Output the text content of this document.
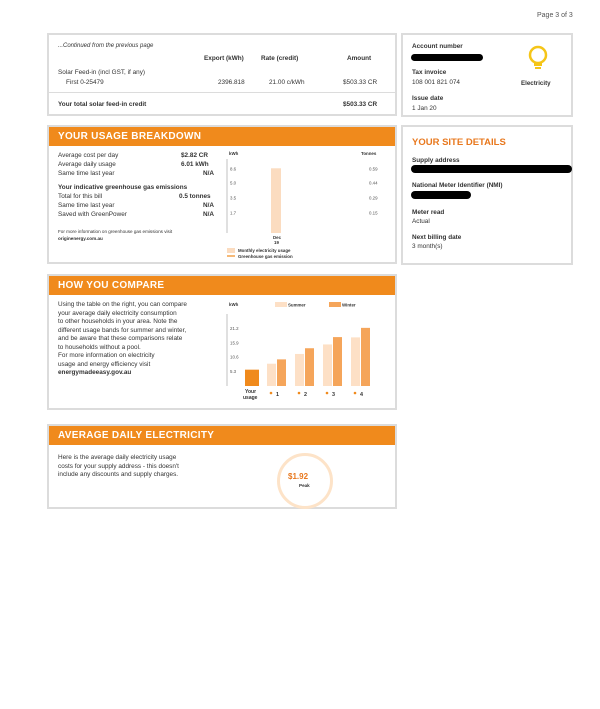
Page 3 of 3
...Continued from the previous page
Export (kWh)	Rate (credit)	Amount
Solar Feed-in (incl GST, if any)
First 0-25479	2396.818	21.00 c/kWh	$503.33 CR
Your total solar feed-in credit	$503.33 CR
Account number
Tax invoice
108 001 821 074
Issue date
1 Jan 20
Electricity
YOUR USAGE BREAKDOWN
Average cost per day	$2.82 CR
Average daily usage	6.01 kWh
Same time last year	N/A
Your indicative greenhouse gas emissions
Total for this bill	0.5 tonnes
Same time last year	N/A
Saved with GreenPower	N/A
For more information on greenhouse gas emissions visit
originenergy.com.au
kWh	Tonnes
8.6
5.0
3.5
1.7
0.59
0.44
0.29
0.15
Dec
19
Monthly electricity usage
Greenhouse gas emission
YOUR SITE DETAILS
Supply address
National Meter Identifier (NMI)
Meter read
Actual
Next billing date
3 month(s)
HOW YOU COMPARE
Using the table on the right, you can compare
your average daily electricity consumption
to other households in your area. Note the
different usage bands for summer and winter,
and be aware that these comparisons relate
to households without a pool.
For more information on electricity
usage and energy efficiency visit
energymadeeasy.gov.au
kWh	Summer	Winter
21.2
15.9
10.6
5.3
Your
usage	1	2	3	4
AVERAGE DAILY ELECTRICITY
Here is the average daily electricity usage
costs for your supply address - this doesn't
include any discounts and supply charges.	$1.92
Peak
